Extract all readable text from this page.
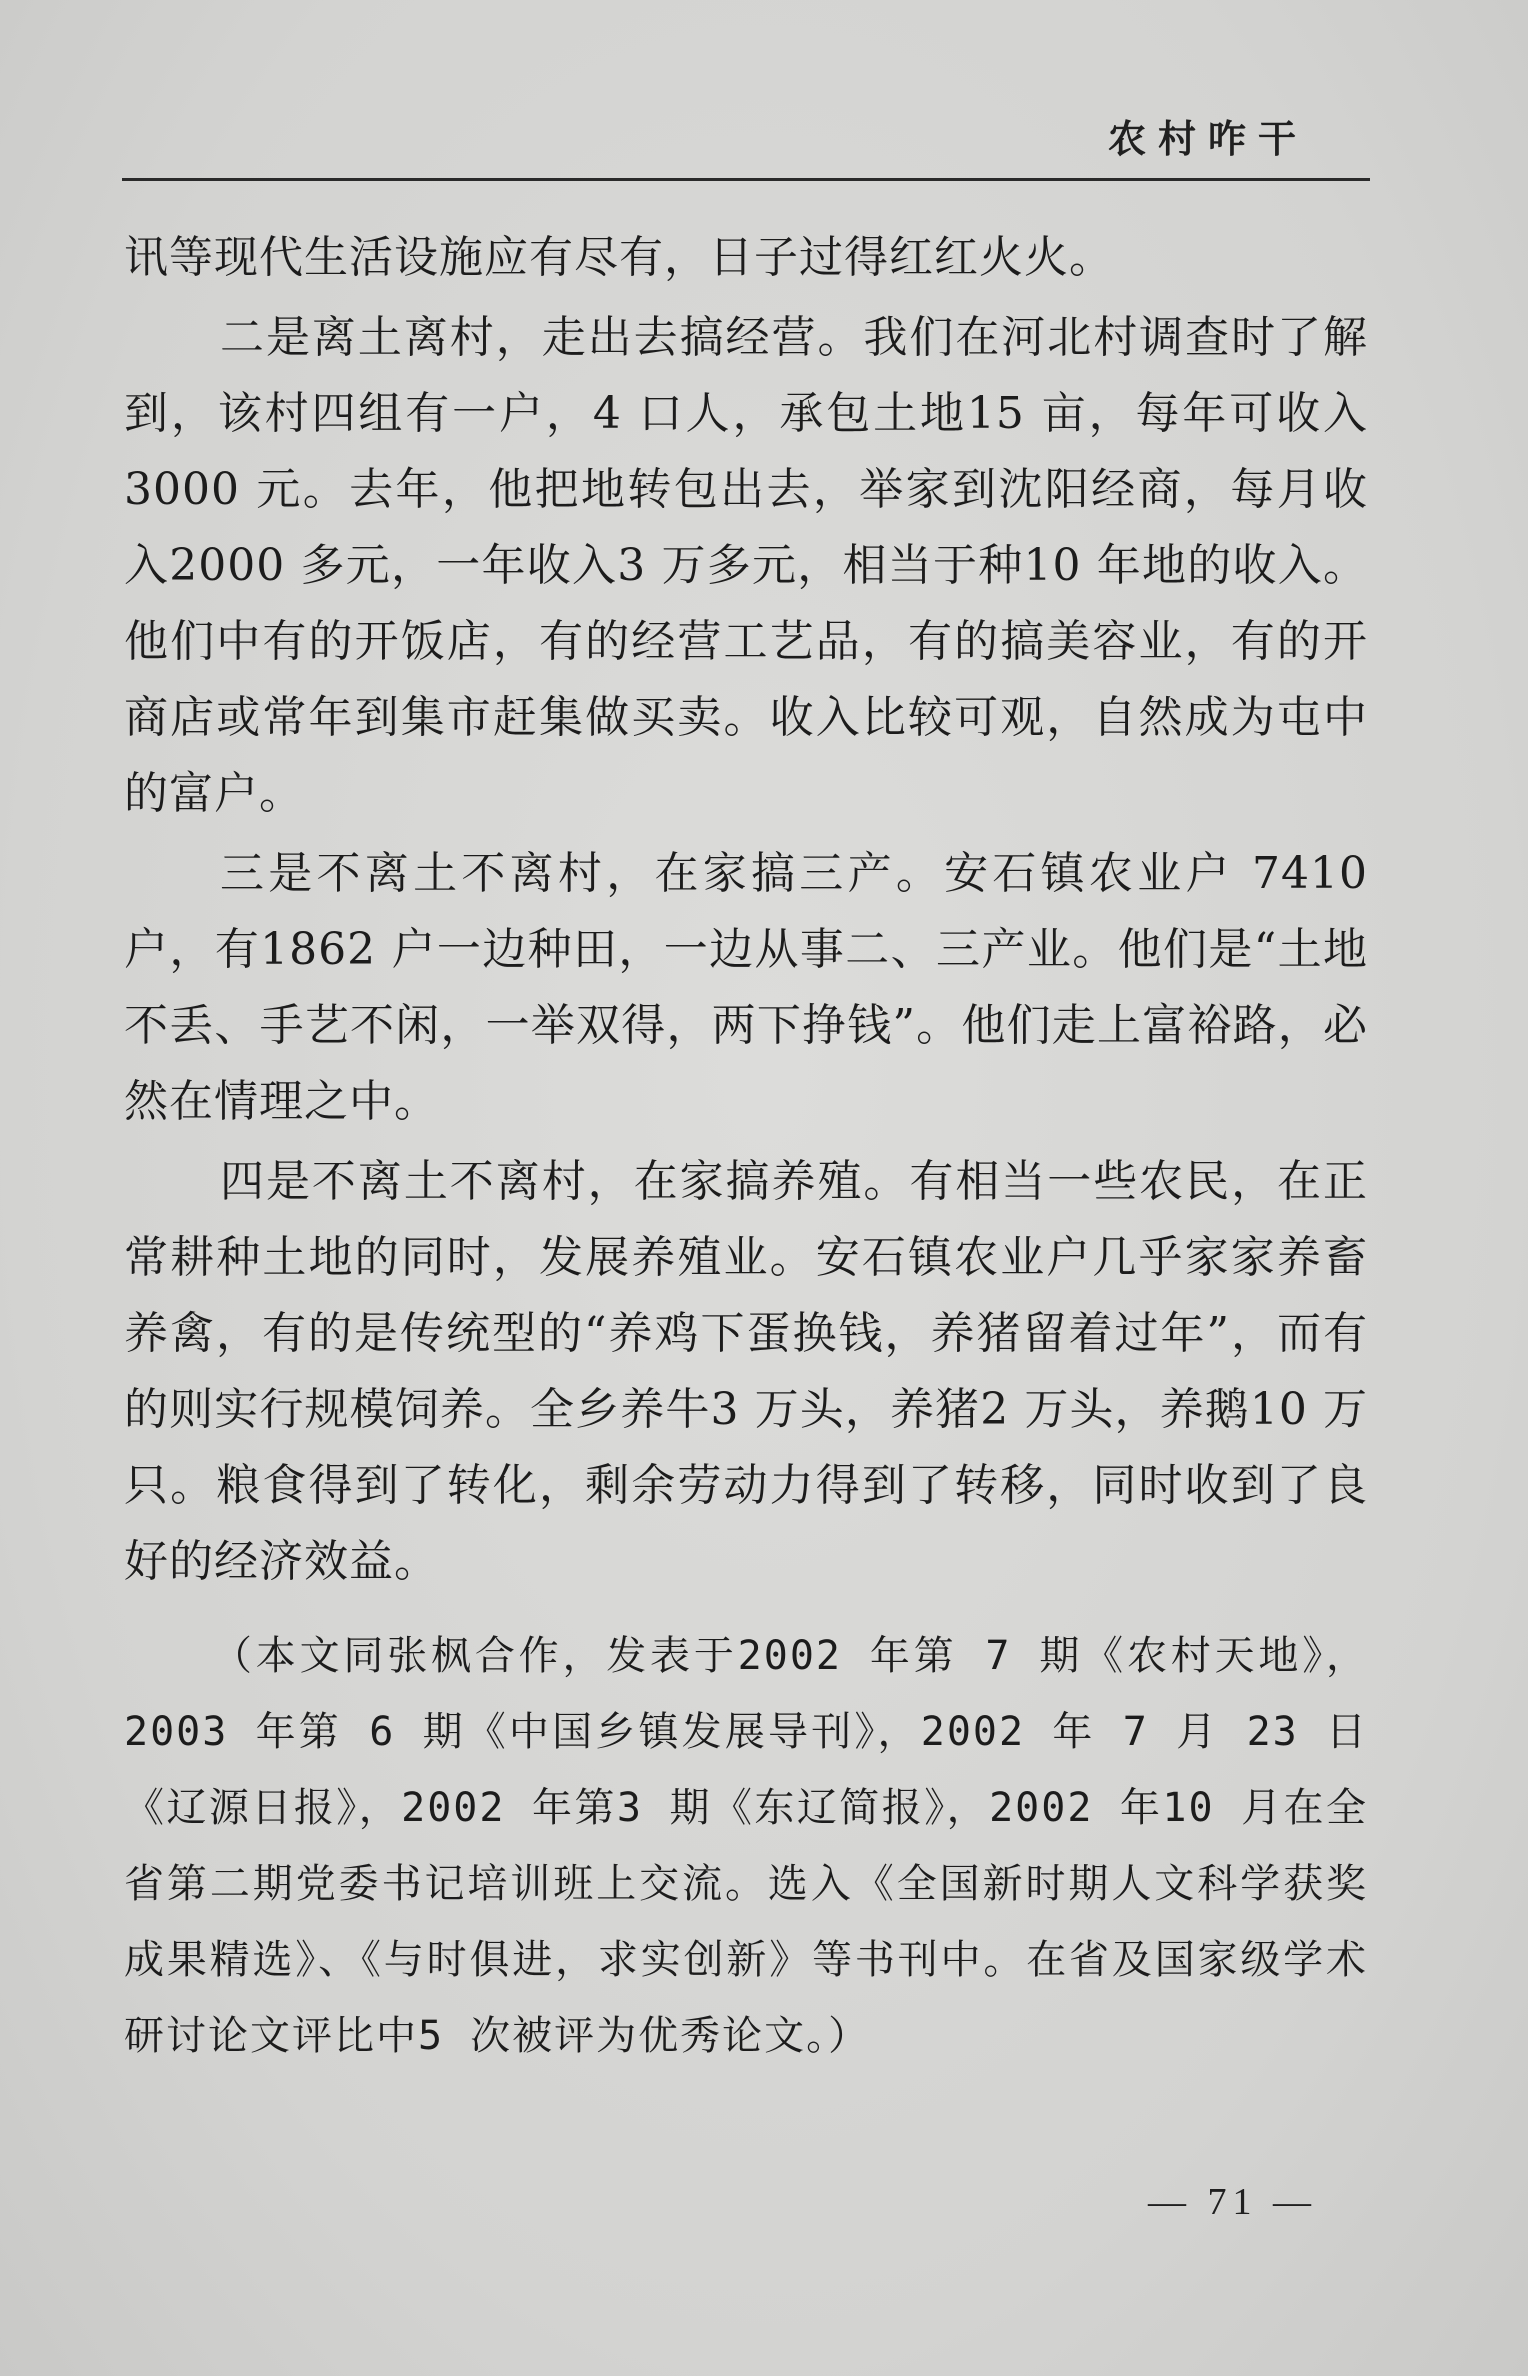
农村咋干

讯等现代生活设施应有尽有，日子过得红红火火。

二是离土离村，走出去搞经营。我们在河北村调查时了解到，该村四组有一户，4 口人，承包土地15 亩，每年可收入3000 元。去年，他把地转包出去，举家到沈阳经商，每月收入2000 多元，一年收入3 万多元，相当于种10 年地的收入。他们中有的开饭店，有的经营工艺品，有的搞美容业，有的开商店或常年到集市赶集做买卖。收入比较可观，自然成为屯中的富户。

三是不离土不离村，在家搞三产。安石镇农业户 7410户，有1862 户一边种田，一边从事二、三产业。他们是“土地不丢、手艺不闲，一举双得，两下挣钱”。他们走上富裕路，必然在情理之中。

四是不离土不离村，在家搞养殖。有相当一些农民，在正常耕种土地的同时，发展养殖业。安石镇农业户几乎家家养畜养禽，有的是传统型的“养鸡下蛋换钱，养猪留着过年”，而有的则实行规模饲养。全乡养牛3 万头，养猪2 万头，养鹅10 万只。粮食得到了转化，剩余劳动力得到了转移，同时收到了良好的经济效益。

（本文同张枫合作，发表于2002 年第 7 期《农村天地》，2003 年第 6 期《中国乡镇发展导刊》，2002 年 7 月 23 日《辽源日报》，2002 年第3 期《东辽简报》，2002 年10 月在全省第二期党委书记培训班上交流。选入《全国新时期人文科学获奖成果精选》、《与时俱进，求实创新》等书刊中。在省及国家级学术研讨论文评比中5 次被评为优秀论文。）

— 71 —
